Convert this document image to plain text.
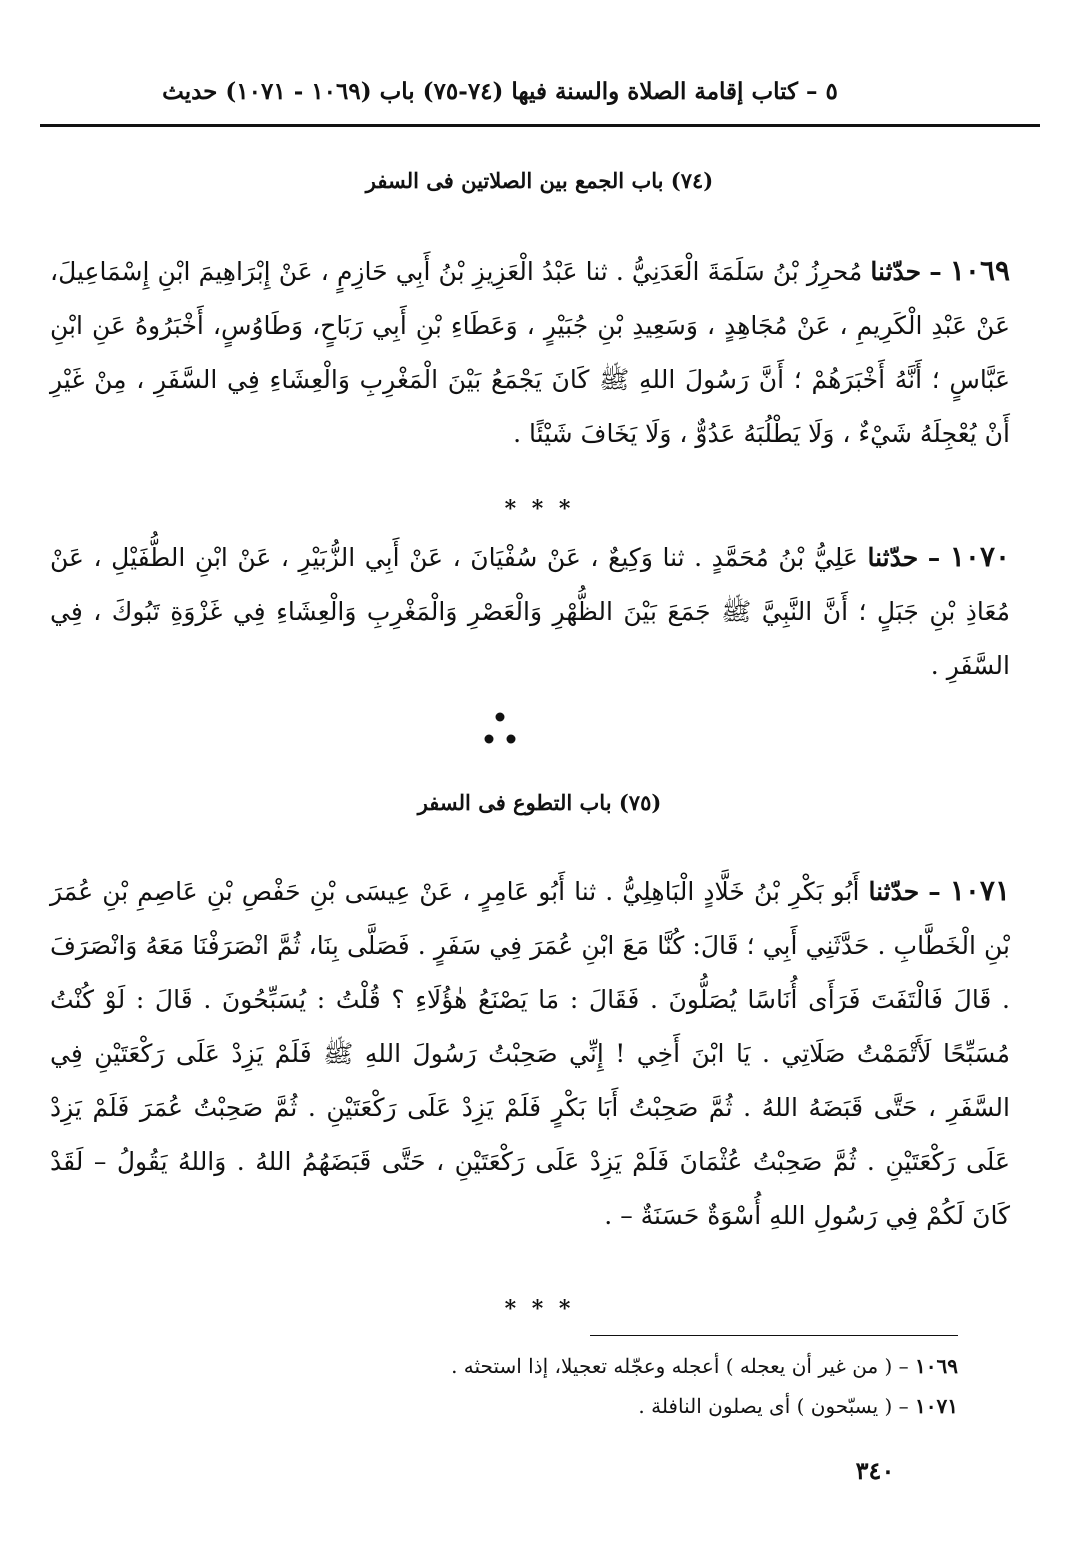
٥ – كتاب إقامة الصلاة والسنة فيها (٧٤-٧٥) باب (١٠٦٩ - ١٠٧١) حديث
(٧٤) باب الجمع بين الصلاتين فى السفر
١٠٦٩ – حدّثنا مُحرِزُ بْنُ سَلَمَةَ الْعَدَنِيُّ . ثنا عَبْدُ الْعَزِيزِ بْنُ أَبِي حَازِمٍ ، عَنْ إِبْرَاهِيمَ ابْنِ إِسْمَاعِيلَ، عَنْ عَبْدِ الْكَرِيمِ ، عَنْ مُجَاهِدٍ ، وَسَعِيدِ بْنِ جُبَيْرٍ ، وَعَطَاءِ بْنِ أَبِي رَبَاحٍ، وَطَاوُسٍ، أَخْبَرُوهُ عَنِ ابْنِ عَبَّاسٍ ؛ أَنَّهُ أَخْبَرَهُمْ ؛ أَنَّ رَسُولَ اللهِ ﷺ كَانَ يَجْمَعُ بَيْنَ الْمَغْرِبِ وَالْعِشَاءِ فِي السَّفَرِ ، مِنْ غَيْرِ أَنْ يُعْجِلَهُ شَيْءٌ ، وَلَا يَطْلُبَهُ عَدُوٌّ ، وَلَا يَخَافَ شَيْئًا .
* * *
١٠٧٠ – حدّثنا عَلِيُّ بْنُ مُحَمَّدٍ . ثنا وَكِيعٌ ، عَنْ سُفْيَانَ ، عَنْ أَبِي الزُّبَيْرِ ، عَنْ ابْنِ الطُّفَيْلِ ، عَنْ مُعَاذِ بْنِ جَبَلٍ ؛ أَنَّ النَّبِيَّ ﷺ جَمَعَ بَيْنَ الظُّهْرِ وَالْعَصْرِ وَالْمَغْرِبِ وَالْعِشَاءِ فِي غَزْوَةِ تَبُوكَ ، فِي السَّفَرِ .
(٧٥) باب التطوع فى السفر
١٠٧١ – حدّثنا أَبُو بَكْرِ بْنُ خَلَّادٍ الْبَاهِلِيُّ . ثنا أَبُو عَامِرٍ ، عَنْ عِيسَى بْنِ حَفْصِ بْنِ عَاصِمِ بْنِ عُمَرَ بْنِ الْخَطَّابِ . حَدَّثَنِي أَبِي ؛ قَالَ: كُنَّا مَعَ ابْنِ عُمَرَ فِي سَفَرٍ . فَصَلَّى بِنَا، ثُمَّ انْصَرَفْنَا مَعَهُ وَانْصَرَفَ . قَالَ فَالْتَفَتَ فَرَأَى أُنَاسًا يُصَلُّونَ . فَقَالَ : مَا يَصْنَعُ هٰؤُلَاءِ ؟ قُلْتُ : يُسَبِّحُونَ . قَالَ : لَوْ كُنْتُ مُسَبِّحًا لَأَتْمَمْتُ صَلَاتِي . يَا ابْنَ أَخِي ! إِنِّي صَحِبْتُ رَسُولَ اللهِ ﷺ فَلَمْ يَزِدْ عَلَى رَكْعَتَيْنِ فِي السَّفَرِ ، حَتَّى قَبَضَهُ اللهُ . ثُمَّ صَحِبْتُ أَبَا بَكْرٍ فَلَمْ يَزِدْ عَلَى رَكْعَتَيْنِ . ثُمَّ صَحِبْتُ عُمَرَ فَلَمْ يَزِدْ عَلَى رَكْعَتَيْنِ . ثُمَّ صَحِبْتُ عُثْمَانَ فَلَمْ يَزِدْ عَلَى رَكْعَتَيْنِ ، حَتَّى قَبَضَهُمُ اللهُ . وَاللهُ يَقُولُ – لَقَدْ كَانَ لَكُمْ فِي رَسُولِ اللهِ أُسْوَةٌ حَسَنَةٌ – .
* * *
١٠٦٩ – ( من غير أن يعجله ) أعجله وعجّله تعجيلا، إذا استحثه .
١٠٧١ – ( يسبّحون ) أى يصلون النافلة .
٣٤٠
